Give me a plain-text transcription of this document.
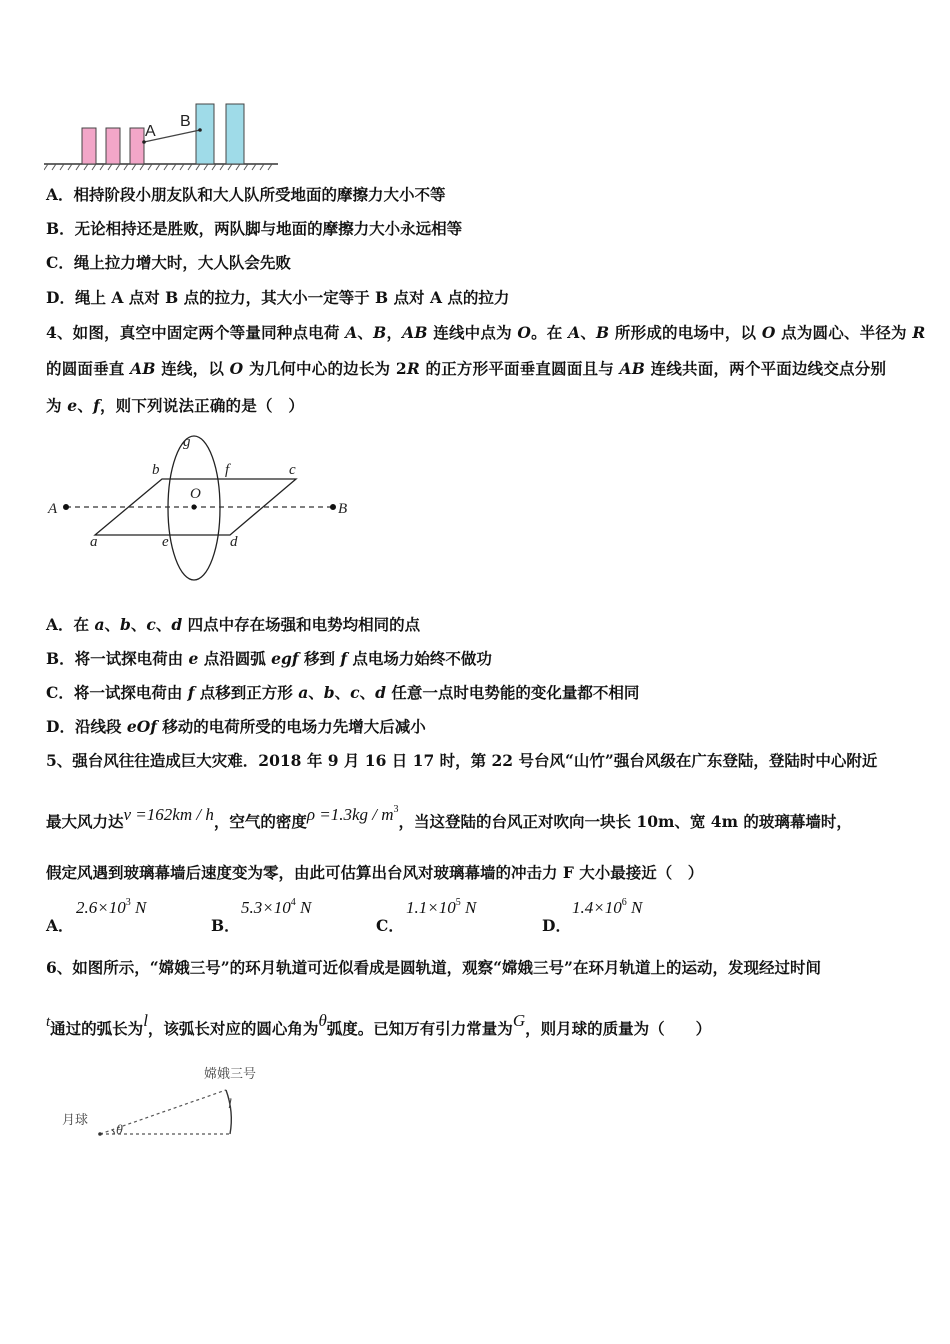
A
B
A．相持阶段小朋友队和大人队所受地面的摩擦力大小不等
B．无论相持还是胜败，两队脚与地面的摩擦力大小永远相等
C．绳上拉力增大时，大人队会先败
D．绳上 A 点对 B 点的拉力，其大小一定等于 B 点对 A 点的拉力
4、如图，真空中固定两个等量同种点电荷 A、B，AB 连线中点为 O。在 A、B 所形成的电场中，以 O 点为圆心、半径为 R
的圆面垂直 AB 连线，以 O 为几何中心的边长为 2R 的正方形平面垂直圆面且与 AB 连线共面，两个平面边线交点分别
为 e、f，则下列说法正确的是（　）
A	B
O
a
b	c
d
e
f
g
A．在 a、b、c、d 四点中存在场强和电势均相同的点
B．将一试探电荷由 e 点沿圆弧 egf 移到 f 点电场力始终不做功
C．将一试探电荷由 f 点移到正方形 a、b、c、d 任意一点时电势能的变化量都不相同
D．沿线段 eOf 移动的电荷所受的电场力先增大后减小
5、强台风往往造成巨大灾难．2018 年 9 月 16 日 17 时，第 22 号台风“山竹”强台风级在广东登陆，登陆时中心附近
最大风力达v =162km / h，空气的密度$\rho =1.3kg / m^3$，当这登陆的台风正对吹向一块长 10m、宽 4m 的玻璃幕墙时，
假定风遇到玻璃幕墙后速度变为零，由此可估算出台风对玻璃幕墙的冲击力 F 大小最接近（　）
A．
$2.6\times 10^3$ N
B．
$5.3\times 10^4$ N
C．
$1.1\times 10^5$ N
D．
$1.4\times 10^6$ N
6、如图所示，“嫦娥三号”的环月轨道可近似看成是圆轨道，观察“嫦娥三号”在环月轨道上的运动，发现经过时间
t通过的弧长为l，该弧长对应的圆心角为θ弧度。已知万有引力常量为G，则月球的质量为（　　）
月球
嫦娥三号
l
θ
